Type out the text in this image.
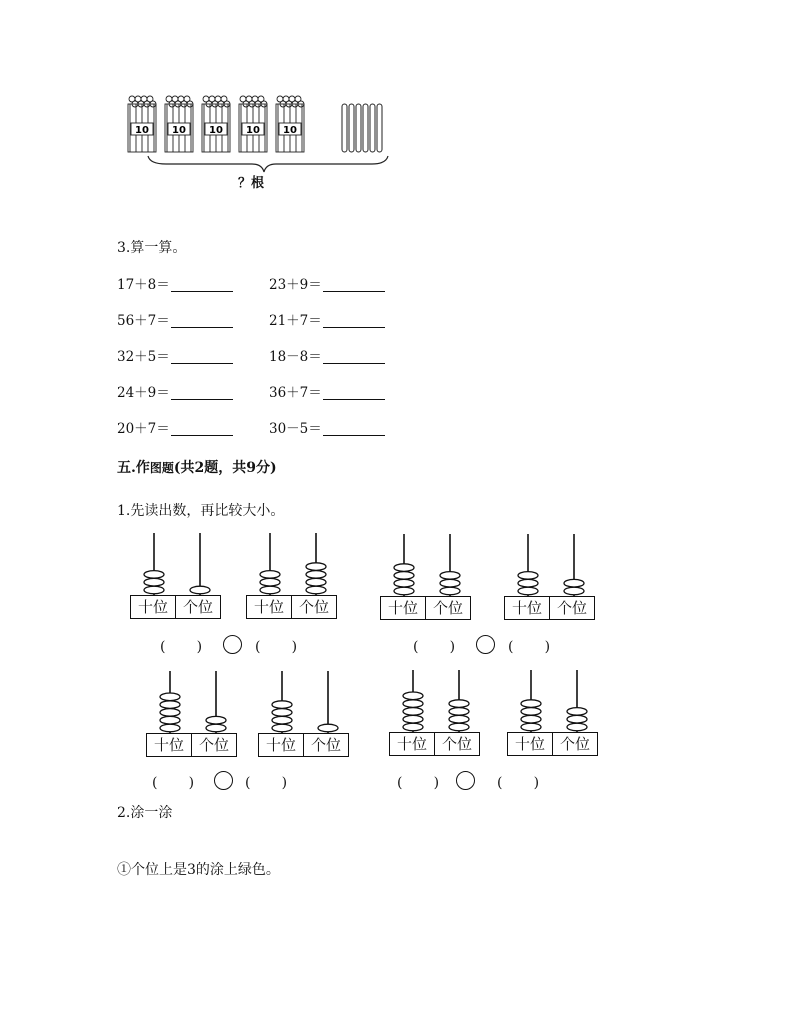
10 10 10 10 10
？根
3.算一算。
17＋8＝	23＋9＝
56＋7＝	21＋7＝
32＋5＝	18－8＝
24＋9＝	36＋7＝
20＋7＝	30－5＝
五.作图题(共2题，共9分)
1.先读出数，再比较大小。
十位 个位	十位 个位
(       )	(       )
十位 个位	十位 个位
(       )	(       )
十位 个位	十位 个位
(       )	(       )
十位 个位	十位 个位
(       )	(       )
2.涂一涂
①个位上是3的涂上绿色。
